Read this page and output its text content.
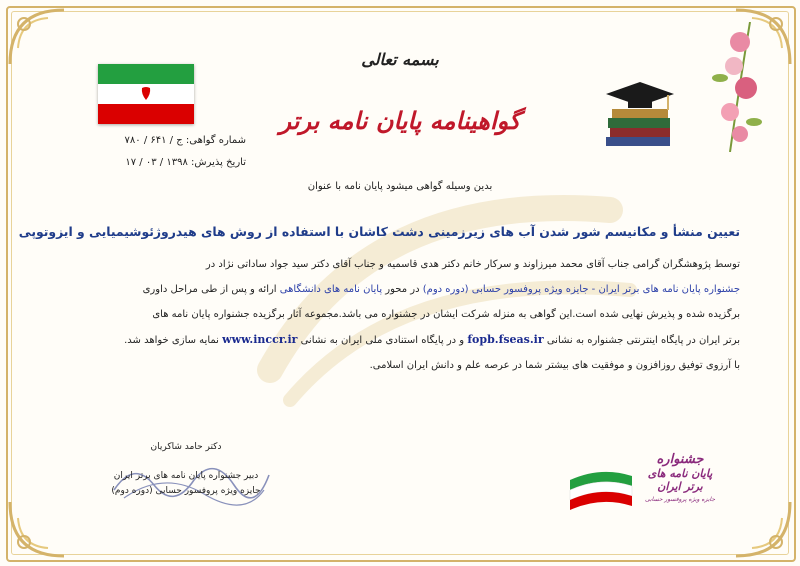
بسمه تعالی
گواهینامه پایان نامه برتر
شماره گواهی: ج / ۶۴۱ / ۷۸۰
تاریخ پذیرش: ۱۳۹۸ / ۰۳ / ۱۷
بدین وسیله گواهی میشود پایان نامه با عنوان
تعیین منشأ و مکانیسم شور شدن آب های زیرزمینی دشت کاشان با استفاده از روش های هیدروژئوشیمیایی و ایزوتوپی
توسط پژوهشگران گرامی جناب آقای محمد میرزاوند و سرکار خانم دکتر هدی قاسمیه و جناب آقای دکتر سید جواد ساداتی نژاد در
جشنواره پایان نامه های برتر ایران - جایزه ویژه پروفسور حسابی (دوره دوم) در محور پایان نامه های دانشگاهی ارائه و پس از طی مراحل داوری
برگزیده شده و پذیرش نهایی شده است.این گواهی به منزله شرکت ایشان در جشنواره می باشد.مجموعه آثار برگزیده جشنواره پایان نامه های
برتر ایران در پایگاه اینترنتی جشنواره به نشانی fopb.fseas.ir و در پایگاه استنادی ملی ایران به نشانی www.inccr.ir نمایه سازی خواهد شد.
با آرزوی توفیق روزافزون و موفقیت های بیشتر شما در عرصه علم و دانش ایران اسلامی.
دکتر حامد شاکریان
دبیر جشنواره پایان نامه های برتر ایران
جایزه ویژه پروفسور حسابی (دوره دوم)
جشنواره
پایان نامه های برتر ایران
جایزه ویژه پروفسور حسابی
